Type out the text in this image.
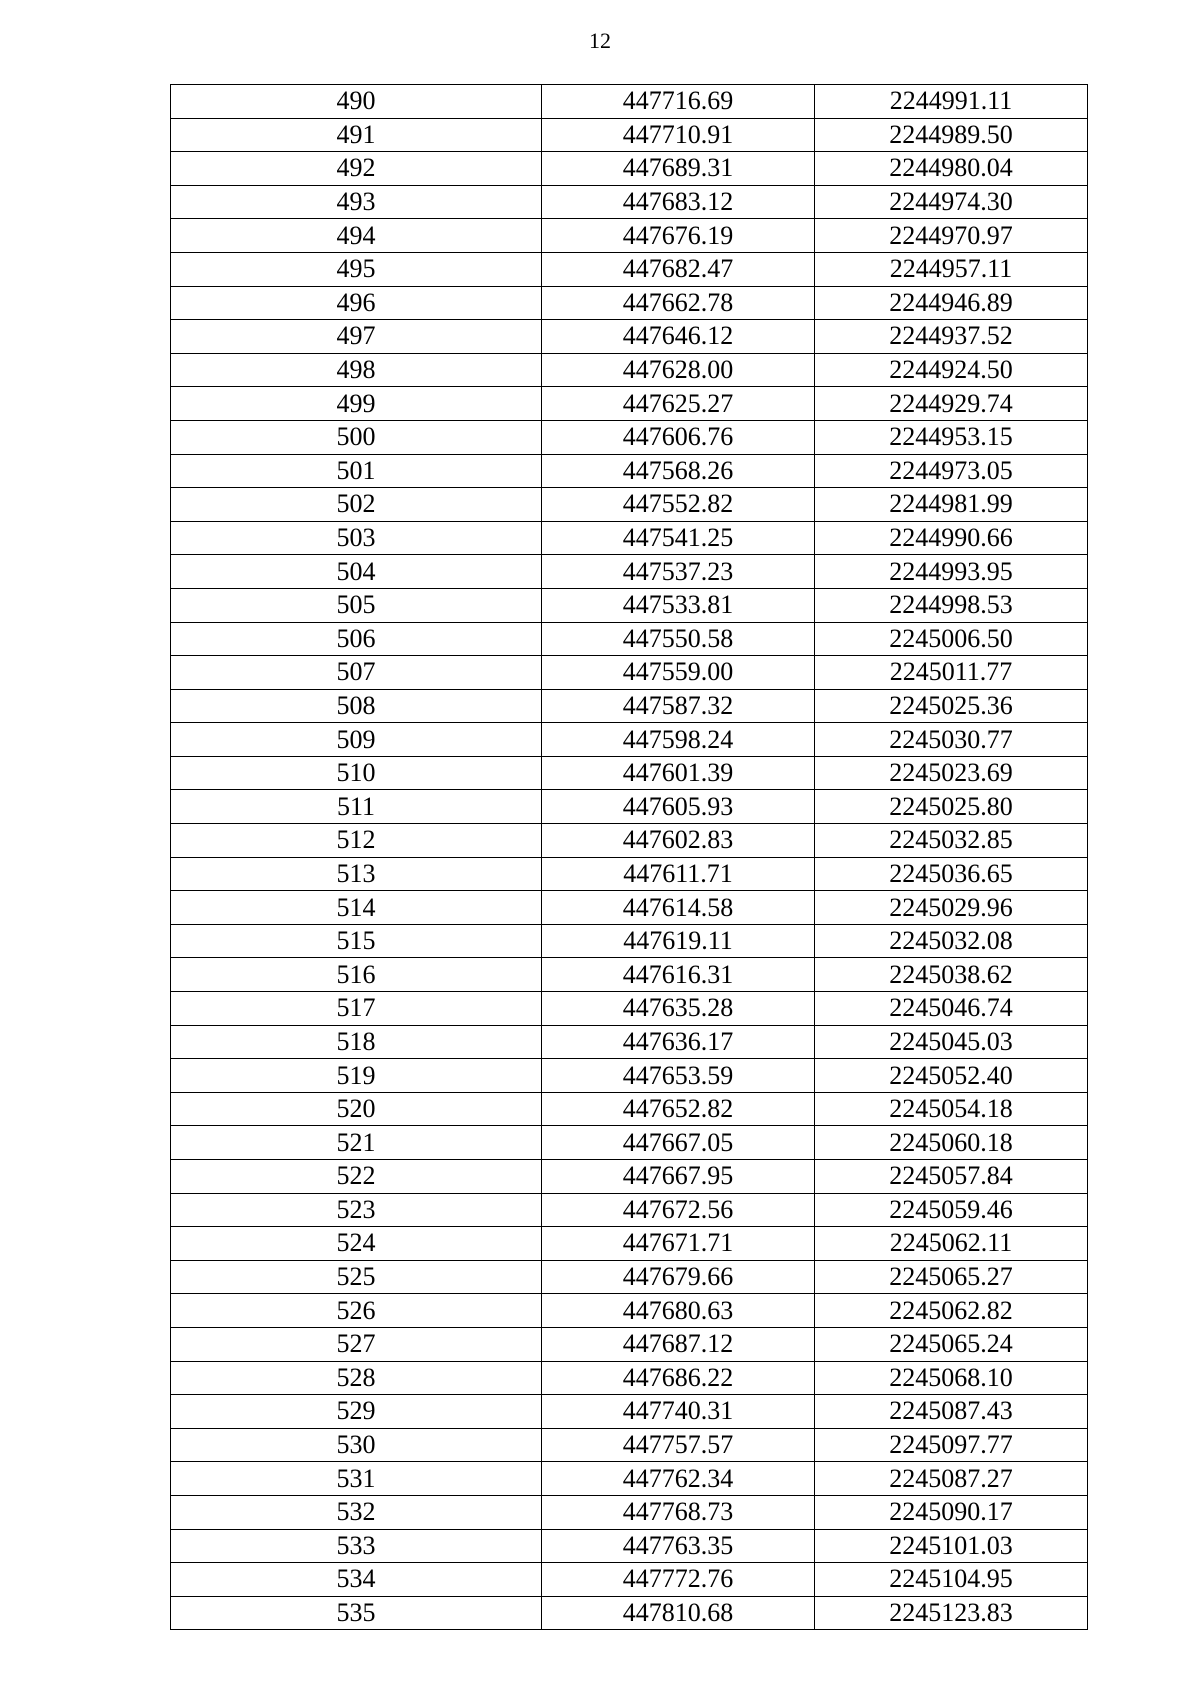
12
490	447716.69	2244991.11
491	447710.91	2244989.50
492	447689.31	2244980.04
493	447683.12	2244974.30
494	447676.19	2244970.97
495	447682.47	2244957.11
496	447662.78	2244946.89
497	447646.12	2244937.52
498	447628.00	2244924.50
499	447625.27	2244929.74
500	447606.76	2244953.15
501	447568.26	2244973.05
502	447552.82	2244981.99
503	447541.25	2244990.66
504	447537.23	2244993.95
505	447533.81	2244998.53
506	447550.58	2245006.50
507	447559.00	2245011.77
508	447587.32	2245025.36
509	447598.24	2245030.77
510	447601.39	2245023.69
511	447605.93	2245025.80
512	447602.83	2245032.85
513	447611.71	2245036.65
514	447614.58	2245029.96
515	447619.11	2245032.08
516	447616.31	2245038.62
517	447635.28	2245046.74
518	447636.17	2245045.03
519	447653.59	2245052.40
520	447652.82	2245054.18
521	447667.05	2245060.18
522	447667.95	2245057.84
523	447672.56	2245059.46
524	447671.71	2245062.11
525	447679.66	2245065.27
526	447680.63	2245062.82
527	447687.12	2245065.24
528	447686.22	2245068.10
529	447740.31	2245087.43
530	447757.57	2245097.77
531	447762.34	2245087.27
532	447768.73	2245090.17
533	447763.35	2245101.03
534	447772.76	2245104.95
535	447810.68	2245123.83
